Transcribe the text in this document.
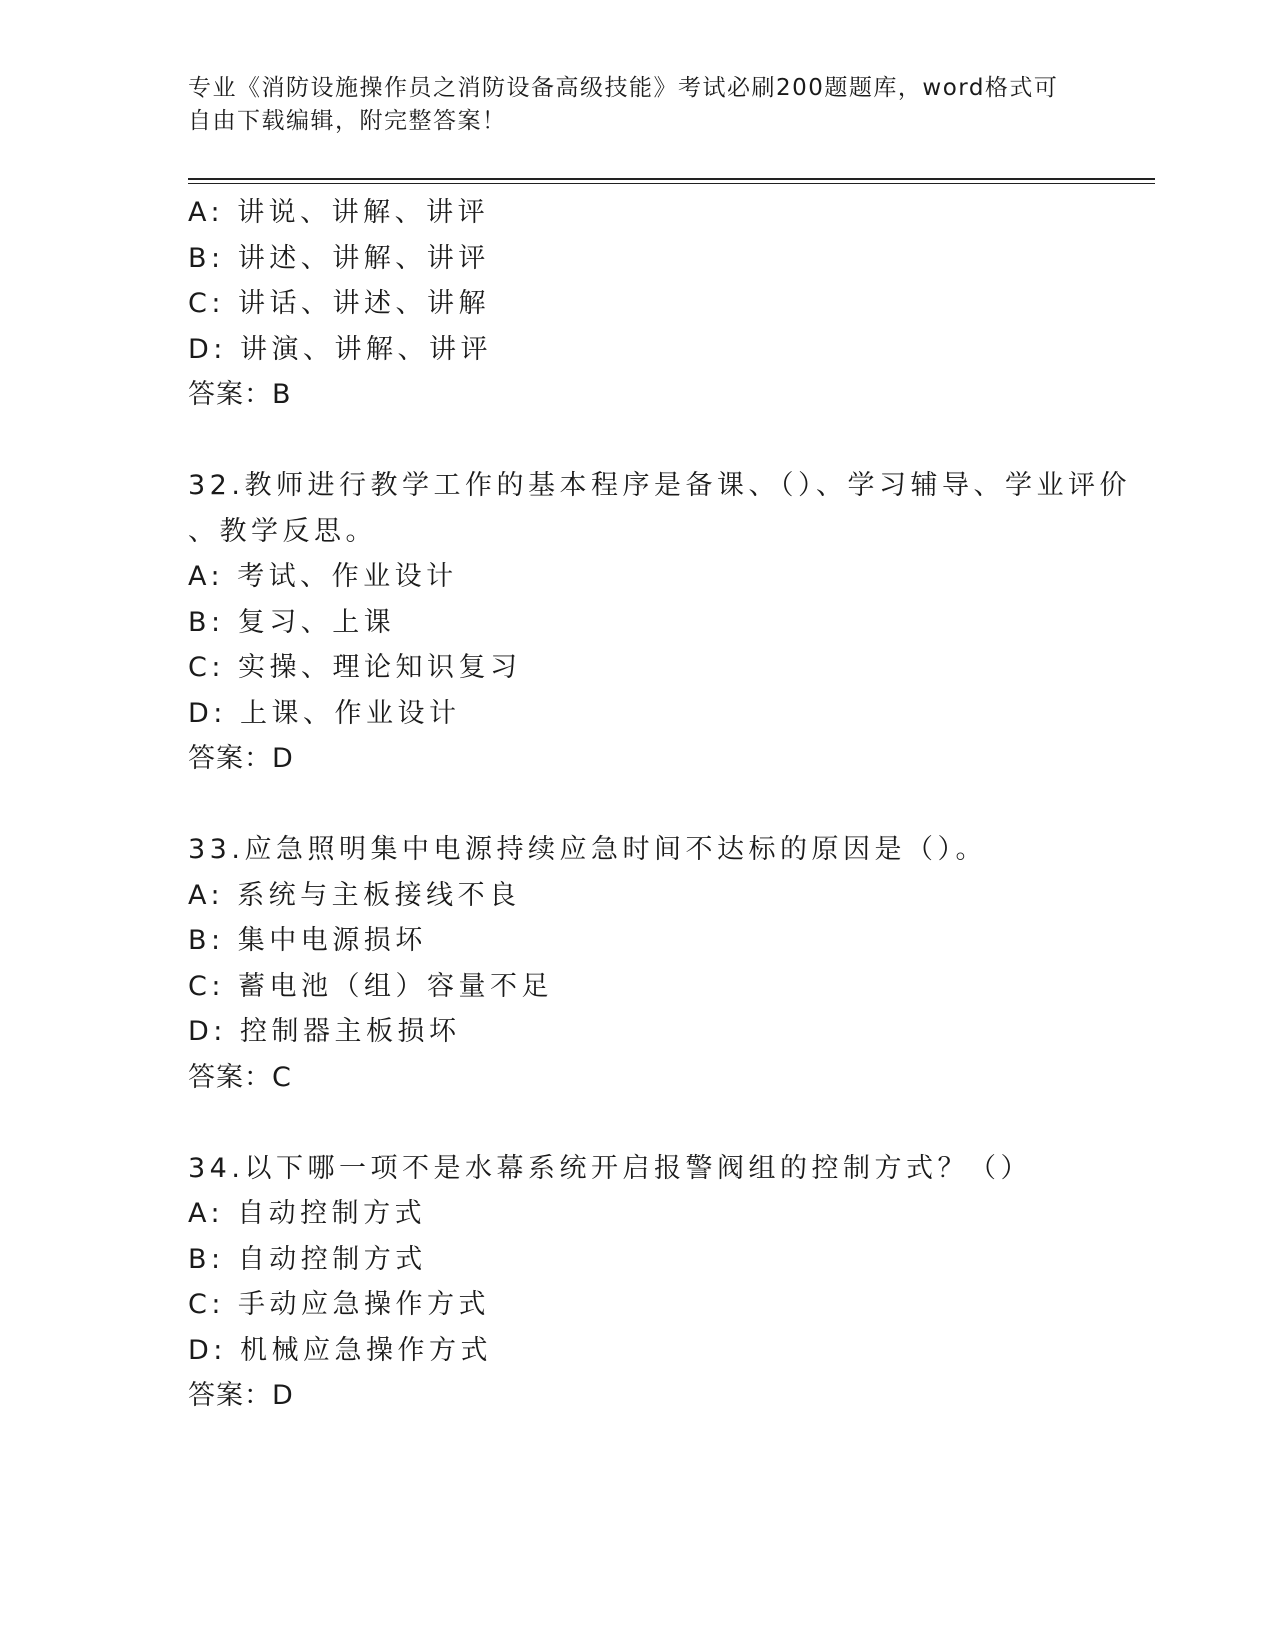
专业《消防设施操作员之消防设备高级技能》考试必刷200题题库，word格式可
自由下载编辑，附完整答案！
A: 讲说、讲解、讲评
B: 讲述、讲解、讲评
C: 讲话、讲述、讲解
D: 讲演、讲解、讲评
答案：B
32.教师进行教学工作的基本程序是备课、（）、学习辅导、学业评价
、教学反思。
A: 考试、作业设计
B: 复习、上课
C: 实操、理论知识复习
D: 上课、作业设计
答案：D
33.应急照明集中电源持续应急时间不达标的原因是（）。
A: 系统与主板接线不良
B: 集中电源损坏
C: 蓄电池（组）容量不足
D: 控制器主板损坏
答案：C
34.以下哪一项不是水幕系统开启报警阀组的控制方式？（）
A: 自动控制方式
B: 自动控制方式
C: 手动应急操作方式
D: 机械应急操作方式
答案：D
